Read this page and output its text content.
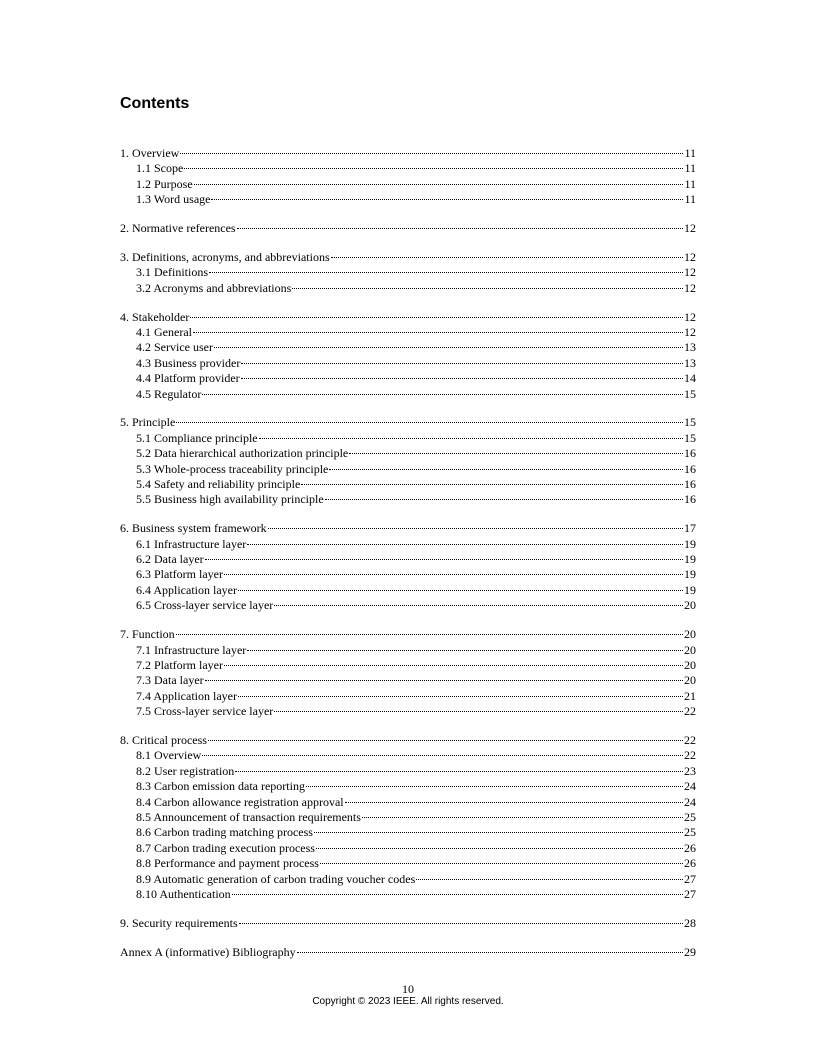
Contents
1. Overview	11
1.1 Scope	11
1.2 Purpose	11
1.3 Word usage	11
2. Normative references	12
3. Definitions, acronyms, and abbreviations	12
3.1 Definitions	12
3.2 Acronyms and abbreviations	12
4. Stakeholder	12
4.1 General	12
4.2 Service user	13
4.3 Business provider	13
4.4 Platform provider	14
4.5 Regulator	15
5. Principle	15
5.1 Compliance principle	15
5.2 Data hierarchical authorization principle	16
5.3 Whole-process traceability principle	16
5.4 Safety and reliability principle	16
5.5 Business high availability principle	16
6. Business system framework	17
6.1 Infrastructure layer	19
6.2 Data layer	19
6.3 Platform layer	19
6.4 Application layer	19
6.5 Cross-layer service layer	20
7. Function	20
7.1 Infrastructure layer	20
7.2 Platform layer	20
7.3 Data layer	20
7.4 Application layer	21
7.5 Cross-layer service layer	22
8. Critical process	22
8.1 Overview	22
8.2 User registration	23
8.3 Carbon emission data reporting	24
8.4 Carbon allowance registration approval	24
8.5 Announcement of transaction requirements	25
8.6 Carbon trading matching process	25
8.7 Carbon trading execution process	26
8.8 Performance and payment process	26
8.9 Automatic generation of carbon trading voucher codes	27
8.10 Authentication	27
9. Security requirements	28
Annex A (informative) Bibliography	29
10
Copyright © 2023 IEEE. All rights reserved.
